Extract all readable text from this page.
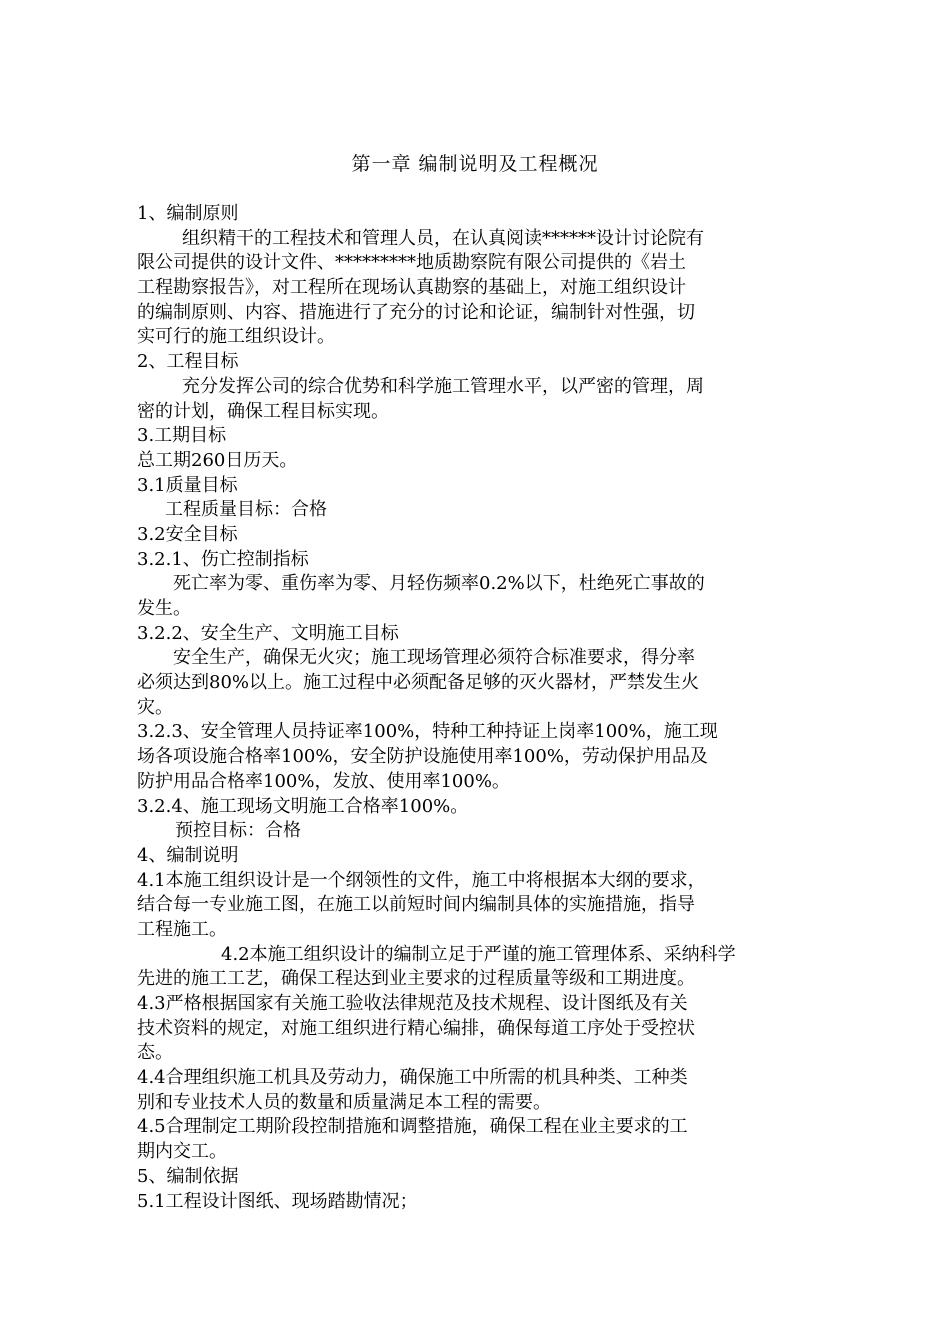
第一章 编制说明及工程概况
1、编制原则
组织精干的工程技术和管理人员，在认真阅读******设计讨论院有
限公司提供的设计文件、*********地质勘察院有限公司提供的《岩土
工程勘察报告》，对工程所在现场认真勘察的基础上，对施工组织设计
的编制原则、内容、措施进行了充分的讨论和论证，编制针对性强，切
实可行的施工组织设计。
2、工程目标
充分发挥公司的综合优势和科学施工管理水平，以严密的管理，周
密的计划，确保工程目标实现。
3.工期目标
总工期260日历天。
3.1质量目标
工程质量目标：合格
3.2安全目标
3.2.1、伤亡控制指标
死亡率为零、重伤率为零、月轻伤频率0.2%以下，杜绝死亡事故的
发生。
3.2.2、安全生产、文明施工目标
安全生产，确保无火灾；施工现场管理必须符合标准要求，得分率
必须达到80%以上。施工过程中必须配备足够的灭火器材，严禁发生火
灾。
3.2.3、安全管理人员持证率100%，特种工种持证上岗率100%，施工现
场各项设施合格率100%，安全防护设施使用率100%，劳动保护用品及
防护用品合格率100%，发放、使用率100%。
3.2.4、施工现场文明施工合格率100%。
预控目标：合格
4、编制说明
4.1本施工组织设计是一个纲领性的文件，施工中将根据本大纲的要求，
结合每一专业施工图，在施工以前短时间内编制具体的实施措施，指导
工程施工。
4.2本施工组织设计的编制立足于严谨的施工管理体系、采纳科学
先进的施工工艺，确保工程达到业主要求的过程质量等级和工期进度。
4.3严格根据国家有关施工验收法律规范及技术规程、设计图纸及有关
技术资料的规定，对施工组织进行精心编排，确保每道工序处于受控状
态。
4.4合理组织施工机具及劳动力，确保施工中所需的机具种类、工种类
别和专业技术人员的数量和质量满足本工程的需要。
4.5合理制定工期阶段控制措施和调整措施，确保工程在业主要求的工
期内交工。
5、编制依据
5.1工程设计图纸、现场踏勘情况；
